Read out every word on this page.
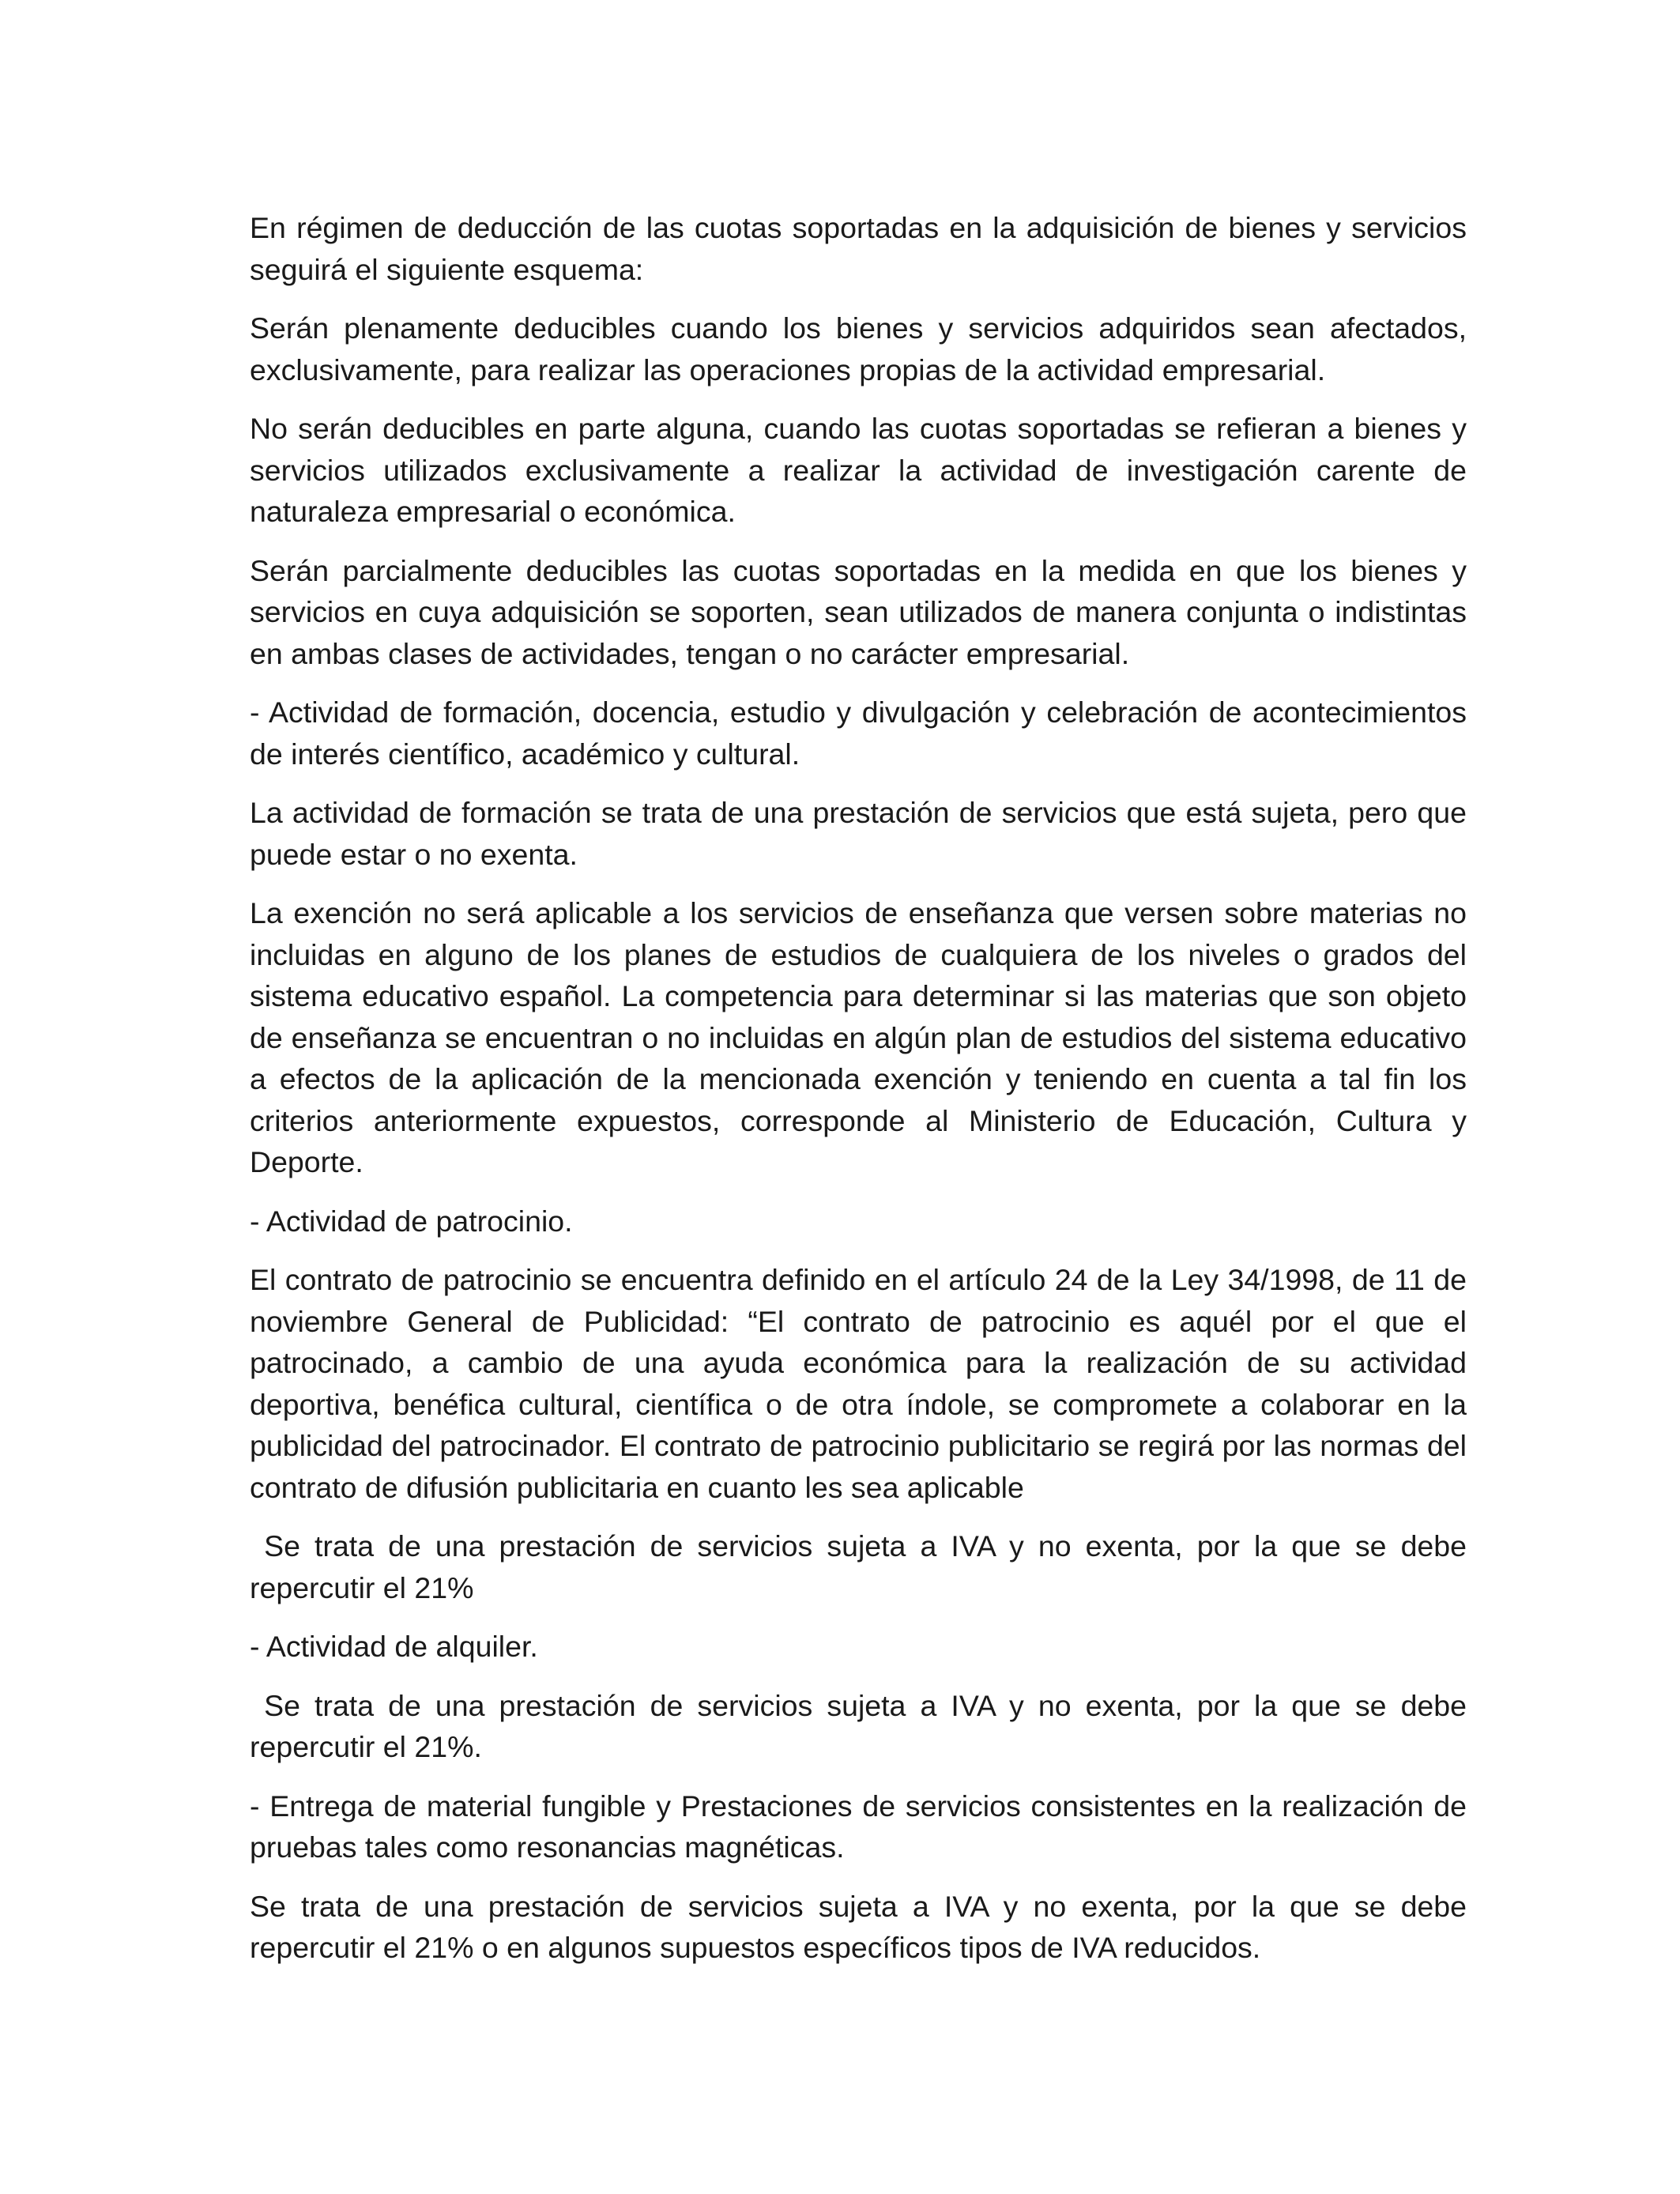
En régimen de deducción de las cuotas soportadas en la adquisición de bienes y servicios seguirá el siguiente esquema:

Serán plenamente deducibles cuando los bienes y servicios adquiridos sean afectados, exclusivamente, para realizar las operaciones propias de la actividad empresarial.

No serán deducibles en parte alguna, cuando las cuotas soportadas se refieran a bienes y servicios utilizados exclusivamente a realizar la actividad de investigación carente de naturaleza empresarial o económica.

Serán parcialmente deducibles las cuotas soportadas en la medida en que los bienes y servicios en cuya adquisición se soporten, sean utilizados de manera conjunta o indistintas en ambas clases de actividades, tengan o no carácter empresarial.

- Actividad de formación, docencia, estudio y divulgación y celebración de acontecimientos de interés científico, académico y cultural.

La actividad de formación se trata de una prestación de servicios que está sujeta, pero que puede estar o no exenta.

La exención no será aplicable a los servicios de enseñanza que versen sobre materias no incluidas en alguno de los planes de estudios de cualquiera de los niveles o grados del sistema educativo español. La competencia para determinar si las materias que son objeto de enseñanza se encuentran o no incluidas en algún plan de estudios del sistema educativo a efectos de la aplicación de la mencionada exención y teniendo en cuenta a tal fin los criterios anteriormente expuestos, corresponde al Ministerio de Educación, Cultura y Deporte.

- Actividad de patrocinio.

El contrato de patrocinio se encuentra definido en el artículo 24 de la Ley 34/1998, de 11 de noviembre General de Publicidad: “El contrato de patrocinio es aquél por el que el patrocinado, a cambio de una ayuda económica para la realización de su actividad deportiva, benéfica cultural, científica o de otra índole, se compromete a colaborar en la publicidad del patrocinador. El contrato de patrocinio publicitario se regirá por las normas del contrato de difusión publicitaria en cuanto les sea aplicable

Se trata de una prestación de servicios sujeta a IVA y no exenta, por la que se debe repercutir el 21%

- Actividad de alquiler.

Se trata de una prestación de servicios sujeta a IVA y no exenta, por la que se debe repercutir el 21%.

- Entrega de material fungible y Prestaciones de servicios consistentes en la realización de pruebas tales como resonancias magnéticas.

Se trata de una prestación de servicios sujeta a IVA y no exenta, por la que se debe repercutir el 21% o en algunos supuestos específicos tipos de IVA reducidos.
